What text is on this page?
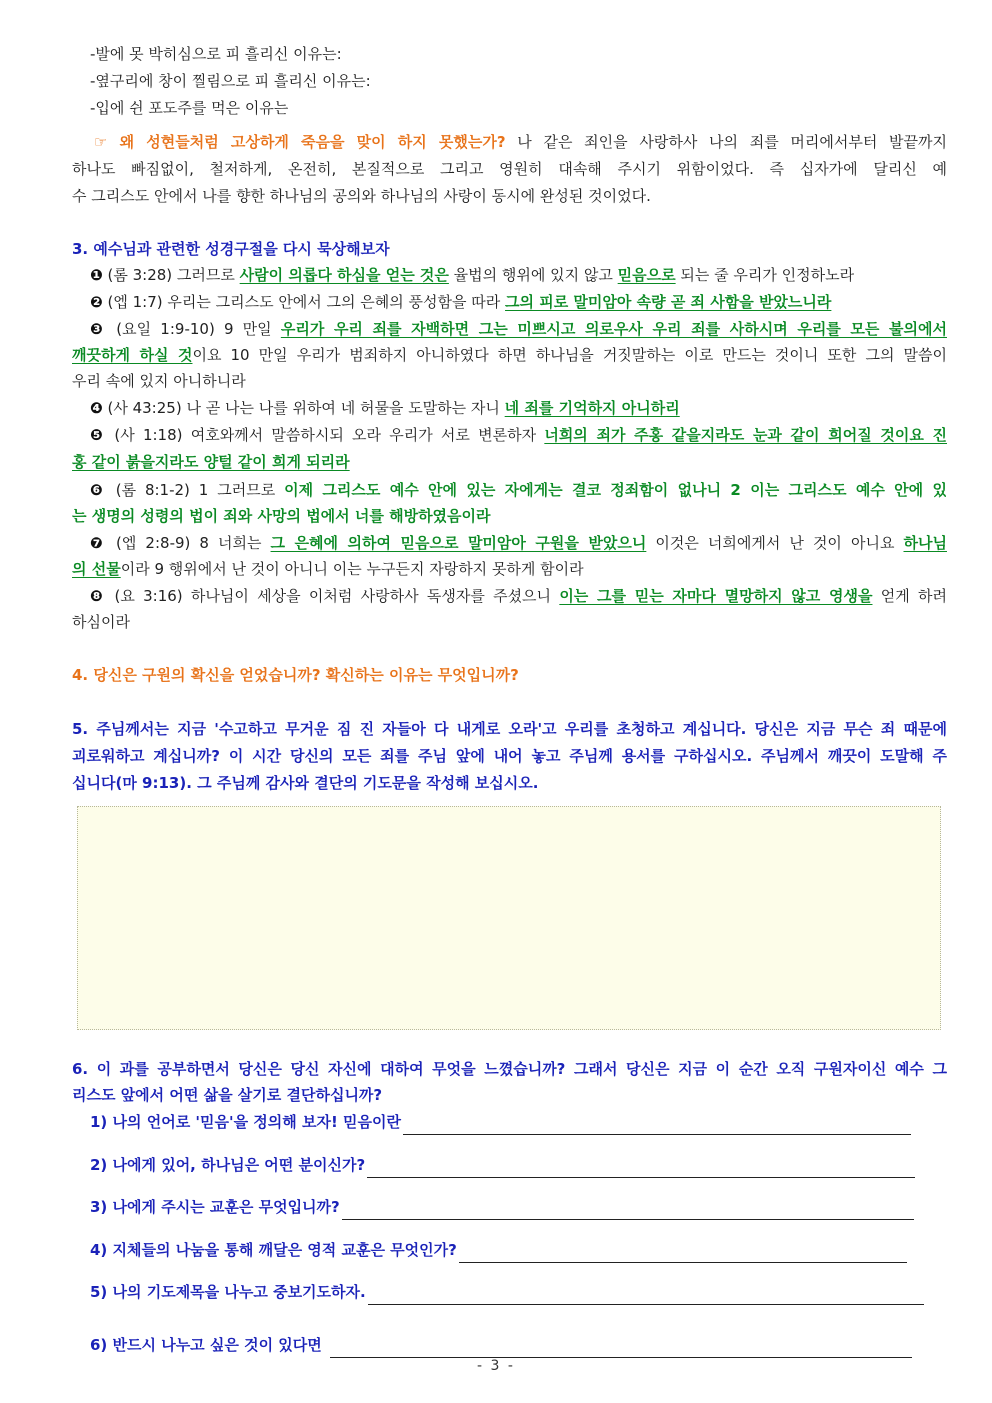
-발에 못 박히심으로 피 흘리신 이유는:
-옆구리에 창이 찔림으로 피 흘리신 이유는:
-입에 쉰 포도주를 먹은 이유는
☞ 왜 성현들처럼 고상하게 죽음을 맞이 하지 못했는가? 나 같은 죄인을 사랑하사 나의 죄를 머리에서부터 발끝까지
하나도 빠짐없이, 철저하게, 온전히, 본질적으로 그리고 영원히 대속해 주시기 위함이었다. 즉 십자가에 달리신 예
수 그리스도 안에서 나를 향한 하나님의 공의와 하나님의 사랑이 동시에 완성된 것이었다.
3. 예수님과 관련한 성경구절을 다시 묵상해보자
❶ (롬 3:28) 그러므로 사람이 의롭다 하심을 얻는 것은 율법의 행위에 있지 않고 믿음으로 되는 줄 우리가 인정하노라
❷ (엡 1:7) 우리는 그리스도 안에서 그의 은혜의 풍성함을 따라 그의 피로 말미암아 속량 곧 죄 사함을 받았느니라
❸ (요일 1:9-10) 9 만일 우리가 우리 죄를 자백하면 그는 미쁘시고 의로우사 우리 죄를 사하시며 우리를 모든 불의에서
깨끗하게 하실 것이요 10 만일 우리가 범죄하지 아니하였다 하면 하나님을 거짓말하는 이로 만드는 것이니 또한 그의 말씀이
우리 속에 있지 아니하니라
❹ (사 43:25) 나 곧 나는 나를 위하여 네 허물을 도말하는 자니 네 죄를 기억하지 아니하리
❺ (사 1:18) 여호와께서 말씀하시되 오라 우리가 서로 변론하자 너희의 죄가 주홍 같을지라도 눈과 같이 희어질 것이요 진
홍 같이 붉을지라도 양털 같이 희게 되리라
❻ (롬 8:1-2) 1 그러므로 이제 그리스도 예수 안에 있는 자에게는 결코 정죄함이 없나니 2 이는 그리스도 예수 안에 있
는 생명의 성령의 법이 죄와 사망의 법에서 너를 해방하였음이라
❼ (엡 2:8-9) 8 너희는 그 은혜에 의하여 믿음으로 말미암아 구원을 받았으니 이것은 너희에게서 난 것이 아니요 하나님
의 선물이라 9 행위에서 난 것이 아니니 이는 누구든지 자랑하지 못하게 함이라
❽ (요 3:16) 하나님이 세상을 이처럼 사랑하사 독생자를 주셨으니 이는 그를 믿는 자마다 멸망하지 않고 영생을 얻게 하려
하심이라
4. 당신은 구원의 확신을 얻었습니까? 확신하는 이유는 무엇입니까?
5. 주님께서는 지금 '수고하고 무거운 짐 진 자들아 다 내게로 오라'고 우리를 초청하고 계십니다. 당신은 지금 무슨 죄 때문에
괴로워하고 계십니까? 이 시간 당신의 모든 죄를 주님 앞에 내어 놓고 주님께 용서를 구하십시오. 주님께서 깨끗이 도말해 주
십니다(마 9:13). 그 주님께 감사와 결단의 기도문을 작성해 보십시오.
6. 이 과를 공부하면서 당신은 당신 자신에 대하여 무엇을 느꼈습니까? 그래서 당신은 지금 이 순간 오직 구원자이신 예수 그
리스도 앞에서 어떤 삶을 살기로 결단하십니까?
1) 나의 언어로 '믿음'을 정의해 보자! 믿음이란
2) 나에게 있어, 하나님은 어떤 분이신가?
3) 나에게 주시는 교훈은 무엇입니까?
4) 지체들의 나눔을 통해 깨달은 영적 교훈은 무엇인가?
5) 나의 기도제목을 나누고 중보기도하자.
6) 반드시 나누고 싶은 것이 있다면
- 3 -
